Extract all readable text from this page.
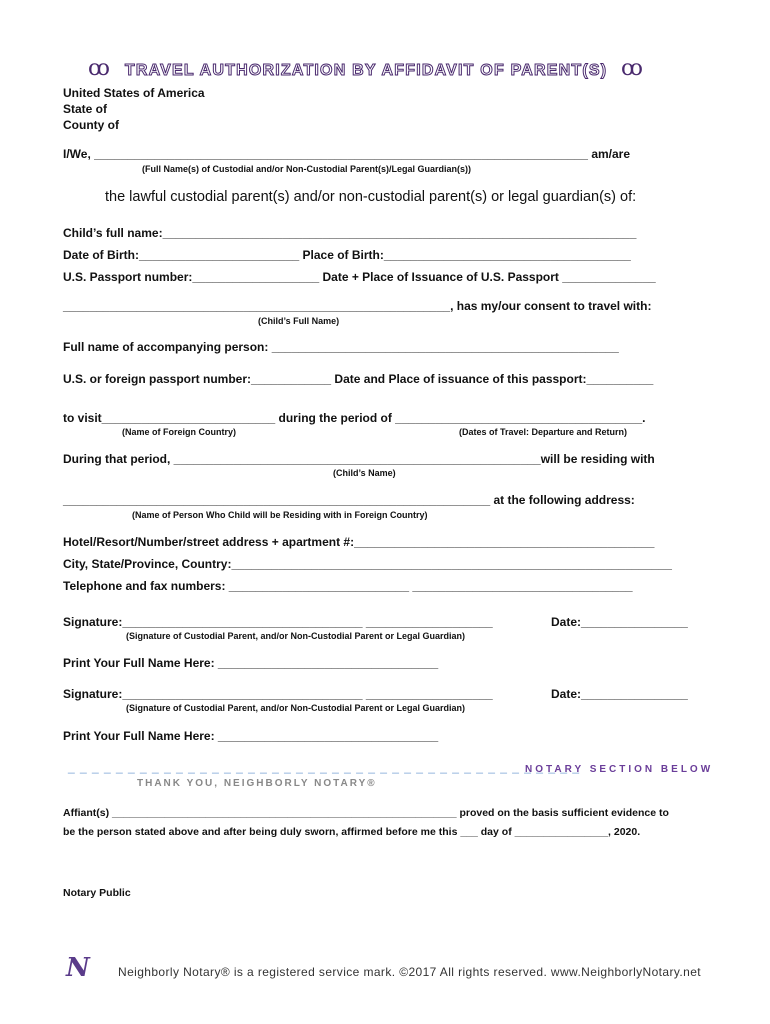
ꝏ TRAVEL AUTHORIZATION BY AFFIDAVIT OF PARENT(S) ꝏ
United States of America
State of
County of
I/We, __________________________________________________________________________ am/are
(Full Name(s) of Custodial and/or Non-Custodial Parent(s)/Legal Guardian(s))
the lawful custodial parent(s) and/or non-custodial parent(s) or legal guardian(s) of:
Child’s full name:_______________________________________________________________________
Date of Birth:________________________ Place of Birth:_____________________________________
U.S. Passport number:___________________ Date + Place of Issuance of U.S. Passport ______________
__________________________________________________________, has my/our consent to travel with:
(Child’s Full Name)
Full name of accompanying person: ____________________________________________________
U.S. or foreign passport number:____________ Date and Place of issuance of this passport:__________
to visit__________________________ during the period of _____________________________________.
(Name of Foreign Country)	(Dates of Travel: Departure and Return)
During that period, _______________________________________________________will be residing with
(Child’s Name)
________________________________________________________________ at the following address:
(Name of Person Who Child will be Residing with in Foreign Country)
Hotel/Resort/Number/street address + apartment #:_____________________________________________
City, State/Province, Country:__________________________________________________________________
Telephone and fax numbers: ___________________________ _________________________________
Signature:____________________________________ ___________________	Date:________________
(Signature of Custodial Parent, and/or Non-Custodial Parent or Legal Guardian)
Print Your Full Name Here: _________________________________
Signature:____________________________________ ___________________	Date:________________
(Signature of Custodial Parent, and/or Non-Custodial Parent or Legal Guardian)
Print Your Full Name Here: _________________________________
_ _ _ _ _ _ _ _ _ _ _ _ _ _ _ _ _ _ _ _ _ _ _ _ _ _ _ _ _ _ _ _ _ _ _ _ _ _ _ _ _ _ _
NOTARY SECTION BELOW
THANK YOU, NEIGHBORLY NOTARY®
Affiant(s) ___________________________________________________________ proved on the basis sufficient evidence to
be the person stated above and after being duly sworn, affirmed before me this ___ day of ________________, 2020.
Notary Public
N Neighborly Notary® is a registered service mark. ©2017 All rights reserved. www.NeighborlyNotary.net
